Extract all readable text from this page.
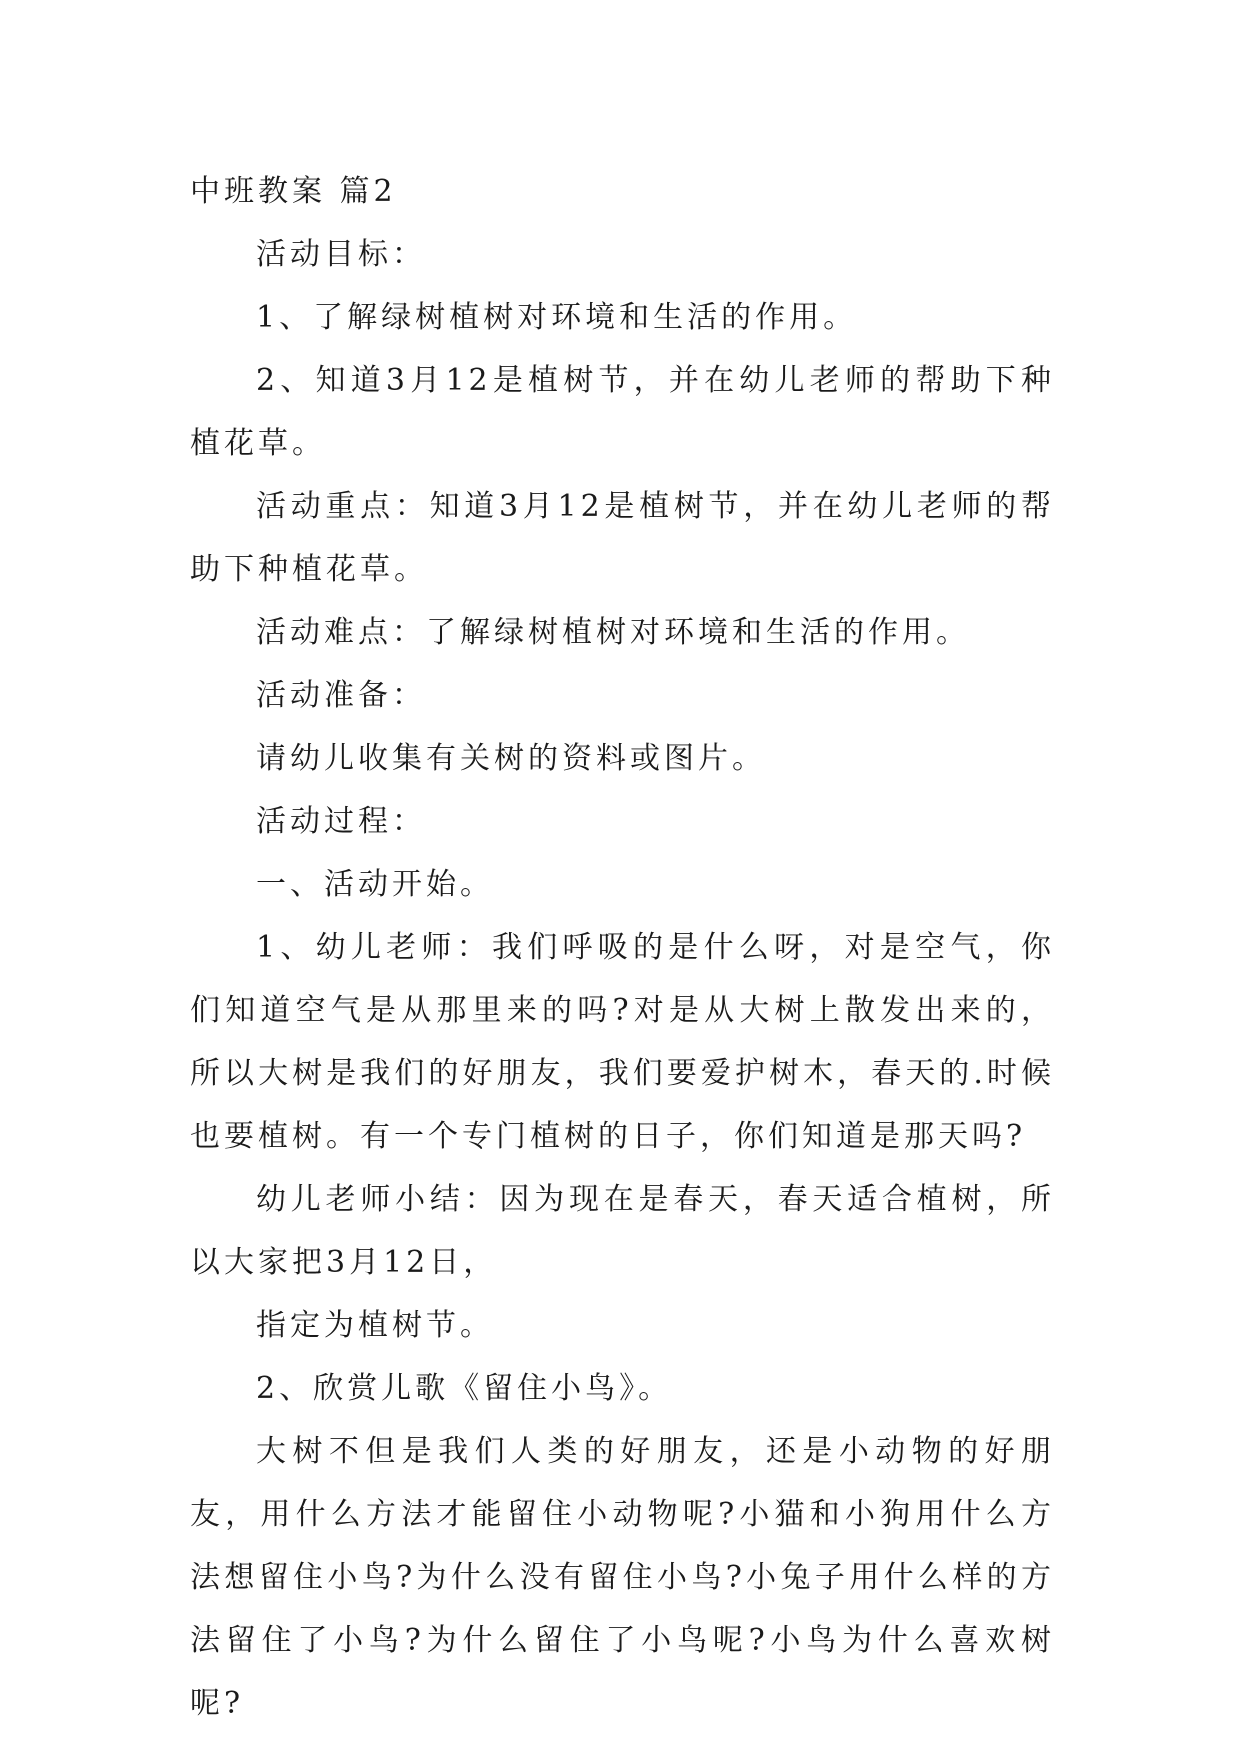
中班教案 篇2

活动目标：

1、了解绿树植树对环境和生活的作用。

2、知道3月12是植树节，并在幼儿老师的帮助下种植花草。

活动重点：知道3月12是植树节，并在幼儿老师的帮助下种植花草。

活动难点：了解绿树植树对环境和生活的作用。

活动准备：

请幼儿收集有关树的资料或图片。

活动过程：

一、活动开始。

1、幼儿老师：我们呼吸的是什么呀，对是空气，你们知道空气是从那里来的吗?对是从大树上散发出来的，所以大树是我们的好朋友，我们要爱护树木，春天的.时候也要植树。有一个专门植树的日子，你们知道是那天吗?

幼儿老师小结：因为现在是春天，春天适合植树，所以大家把3月12日，

指定为植树节。

2、欣赏儿歌《留住小鸟》。

大树不但是我们人类的好朋友，还是小动物的好朋友，用什么方法才能留住小动物呢?小猫和小狗用什么方法想留住小鸟?为什么没有留住小鸟?小兔子用什么样的方法留住了小鸟?为什么留住了小鸟呢?小鸟为什么喜欢树呢?
